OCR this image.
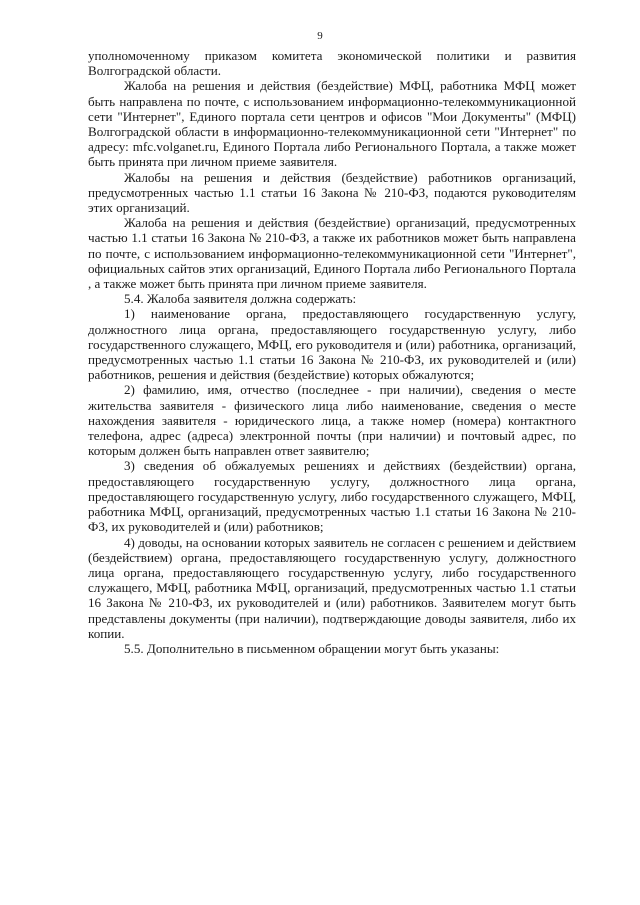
9

уполномоченному приказом комитета экономической политики и развития Волгоградской области.

Жалоба на решения и действия (бездействие) МФЦ, работника МФЦ может быть направлена по почте, с использованием информационно-телекоммуникационной сети "Интернет", Единого портала сети центров и офисов "Мои Документы" (МФЦ) Волгоградской области в информационно-телекоммуникационной сети "Интернет" по адресу: mfc.volganet.ru, Единого Портала либо Регионального Портала, а также может быть принята при личном приеме заявителя.

Жалобы на решения и действия (бездействие) работников организаций, предусмотренных частью 1.1 статьи 16 Закона № 210-ФЗ, подаются руководителям этих организаций.

Жалоба на решения и действия (бездействие) организаций, предусмотренных частью 1.1 статьи 16 Закона № 210-ФЗ, а также их работников может быть направлена по почте, с использованием информационно-телекоммуникационной сети "Интернет", официальных сайтов этих организаций, Единого Портала либо Регионального Портала , а также может быть принята при личном приеме заявителя.

5.4. Жалоба заявителя должна содержать:

1) наименование органа, предоставляющего государственную услугу, должностного лица органа, предоставляющего государственную услугу, либо государственного служащего, МФЦ, его руководителя и (или) работника, организаций, предусмотренных частью 1.1 статьи 16 Закона № 210-ФЗ, их руководителей и (или) работников, решения и действия (бездействие) которых обжалуются;

2) фамилию, имя, отчество (последнее - при наличии), сведения о месте жительства заявителя - физического лица либо наименование, сведения о месте нахождения заявителя - юридического лица, а также номер (номера) контактного телефона, адрес (адреса) электронной почты (при наличии) и почтовый адрес, по которым должен быть направлен ответ заявителю;

3) сведения об обжалуемых решениях и действиях (бездействии) органа, предоставляющего государственную услугу, должностного лица органа, предоставляющего государственную услугу, либо государственного служащего, МФЦ, работника МФЦ, организаций, предусмотренных частью 1.1 статьи 16 Закона № 210-ФЗ, их руководителей и (или) работников;

4) доводы, на основании которых заявитель не согласен с решением и действием (бездействием) органа, предоставляющего государственную услугу, должностного лица органа, предоставляющего государственную услугу, либо государственного служащего, МФЦ, работника МФЦ, организаций, предусмотренных частью 1.1 статьи 16 Закона № 210-ФЗ, их руководителей и (или) работников. Заявителем могут быть представлены документы (при наличии), подтверждающие доводы заявителя, либо их копии.

5.5. Дополнительно в письменном обращении могут быть указаны:
